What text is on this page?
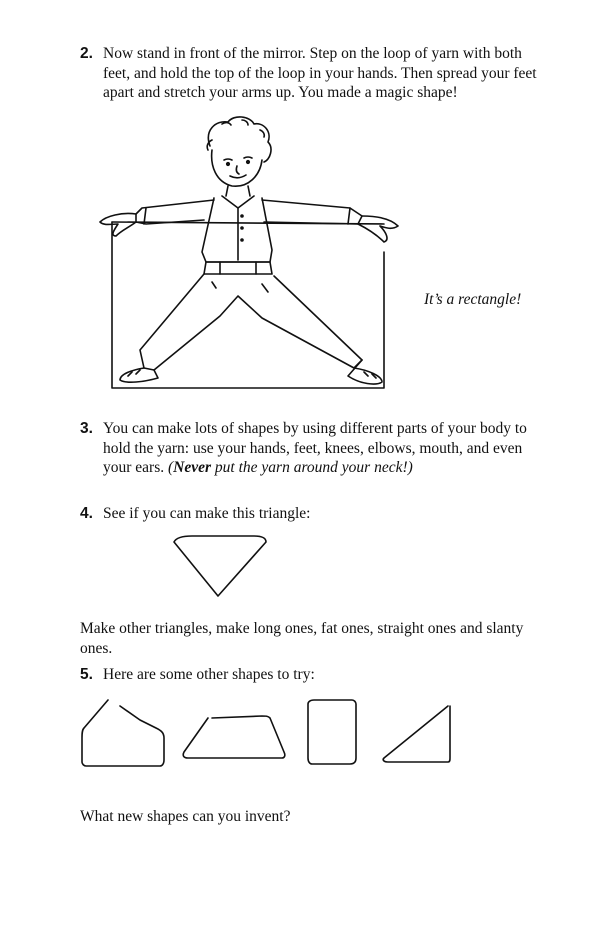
2. Now stand in front of the mirror. Step on the loop of yarn with both feet, and hold the top of the loop in your hands. Then spread your feet apart and stretch your arms up. You made a magic shape!
It’s a rectangle!
3. You can make lots of shapes by using different parts of your body to hold the yarn: use your hands, feet, knees, elbows, mouth, and even your ears. (Never put the yarn around your neck!)
4. See if you can make this triangle:
Make other triangles, make long ones, fat ones, straight ones and slanty ones.
5. Here are some other shapes to try:
What new shapes can you invent?
